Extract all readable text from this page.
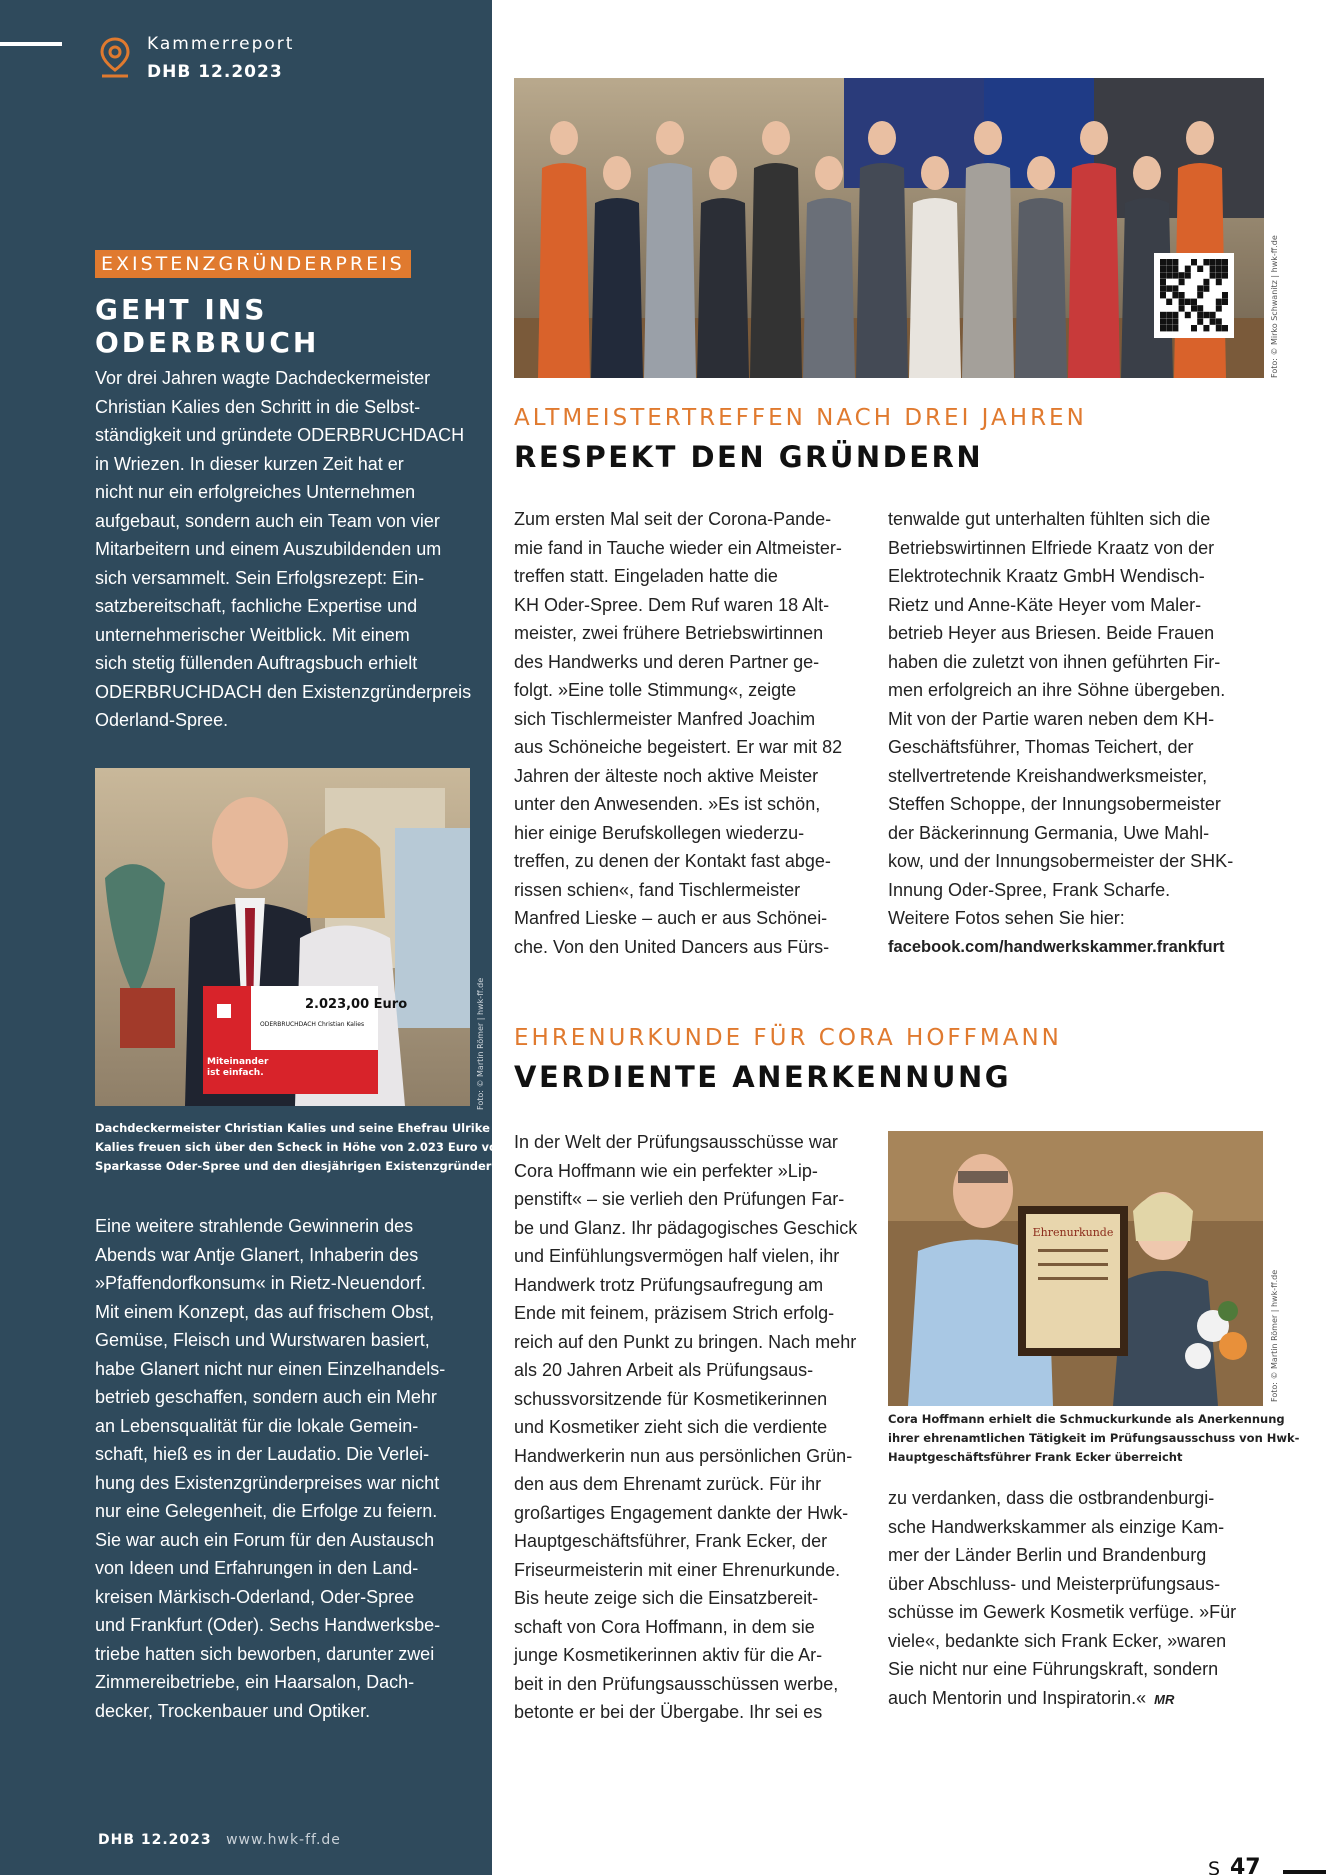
Kammerreport
DHB 12.2023
EXISTENZGRÜNDERPREIS
GEHT INS ODERBRUCH
Vor drei Jahren wagte Dachdeckermeister
Christian Kalies den Schritt in die Selbst-
ständigkeit und gründete ODERBRUCHDACH
in Wriezen. In dieser kurzen Zeit hat er
nicht nur ein erfolgreiches Unternehmen
aufgebaut, sondern auch ein Team von vier
Mitarbeitern und einem Auszubildenden um
sich versammelt. Sein Erfolgsrezept: Ein-
satzbereitschaft, fachliche Expertise und
unternehmerischer Weitblick. Mit einem
sich stetig füllenden Auftragsbuch erhielt
ODERBRUCHDACH den Existenzgründerpreis
Oderland-Spree.
2.023,00 Euro
ODERBRUCHDACH Christian Kalies
Miteinander
ist einfach.	Foto: © Martin Römer | hwk-ff.de
Dachdeckermeister Christian Kalies und seine Ehefrau Ulrike
Kalies freuen sich über den Scheck in Höhe von 2.023 Euro von der
Sparkasse Oder-Spree und den diesjährigen Existenzgründerpreis
Eine weitere strahlende Gewinnerin des
Abends war Antje Glanert, Inhaberin des
»Pfaffendorfkonsum« in Rietz-Neuendorf.
Mit einem Konzept, das auf frischem Obst,
Gemüse, Fleisch und Wurstwaren basiert,
habe Glanert nicht nur einen Einzelhandels-
betrieb geschaffen, sondern auch ein Mehr
an Lebensqualität für die lokale Gemein-
schaft, hieß es in der Laudatio. Die Verlei-
hung des Existenzgründerpreises war nicht
nur eine Gelegenheit, die Erfolge zu feiern.
Sie war auch ein Forum für den Austausch
von Ideen und Erfahrungen in den Land-
kreisen Märkisch-Oderland, Oder-Spree
und Frankfurt (Oder). Sechs Handwerksbe-
triebe hatten sich beworben, darunter zwei
Zimmereibetriebe, ein Haarsalon, Dach-
decker, Trockenbauer und Optiker.
DHB 12.2023 www.hwk-ff.de
Foto: © Mirko Schwanitz | hwk-ff.de
ALTMEISTERTREFFEN NACH DREI JAHREN
RESPEKT DEN GRÜNDERN
Zum ersten Mal seit der Corona-Pande-
mie fand in Tauche wieder ein Altmeister-
treffen statt. Eingeladen hatte die
KH Oder-Spree. Dem Ruf waren 18 Alt-
meister, zwei frühere Betriebswirtinnen
des Handwerks und deren Partner ge-
folgt. »Eine tolle Stimmung«, zeigte
sich Tischlermeister Manfred Joachim
aus Schöneiche begeistert. Er war mit 82
Jahren der älteste noch aktive Meister
unter den Anwesenden. »Es ist schön,
hier einige Berufskollegen wiederzu-
treffen, zu denen der Kontakt fast abge-
rissen schien«, fand Tischlermeister
Manfred Lieske – auch er aus Schönei-
che. Von den United Dancers aus Fürs-
tenwalde gut unterhalten fühlten sich die
Betriebswirtinnen Elfriede Kraatz von der
Elektrotechnik Kraatz GmbH Wendisch-
Rietz und Anne-Käte Heyer vom Maler-
betrieb Heyer aus Briesen. Beide Frauen
haben die zuletzt von ihnen geführten Fir-
men erfolgreich an ihre Söhne übergeben.
Mit von der Partie waren neben dem KH-
Geschäftsführer, Thomas Teichert, der
stellvertretende Kreishandwerksmeister,
Steffen Schoppe, der Innungsobermeister
der Bäckerinnung Germania, Uwe Mahl-
kow, und der Innungsobermeister der SHK-
Innung Oder-Spree, Frank Scharfe.
Weitere Fotos sehen Sie hier:
facebook.com/handwerkskammer.frankfurt
EHRENURKUNDE FÜR CORA HOFFMANN
VERDIENTE ANERKENNUNG
In der Welt der Prüfungsausschüsse war
Cora Hoffmann wie ein perfekter »Lip-
penstift« – sie verlieh den Prüfungen Far-
be und Glanz. Ihr pädagogisches Geschick
und Einfühlungsvermögen half vielen, ihr
Handwerk trotz Prüfungsaufregung am
Ende mit feinem, präzisem Strich erfolg-
reich auf den Punkt zu bringen. Nach mehr
als 20 Jahren Arbeit als Prüfungsaus-
schussvorsitzende für Kosmetikerinnen
und Kosmetiker zieht sich die verdiente
Handwerkerin nun aus persönlichen Grün-
den aus dem Ehrenamt zurück. Für ihr
großartiges Engagement dankte der Hwk-
Hauptgeschäftsführer, Frank Ecker, der
Friseurmeisterin mit einer Ehrenurkunde.
Bis heute zeige sich die Einsatzbereit-
schaft von Cora Hoffmann, in dem sie
junge Kosmetikerinnen aktiv für die Ar-
beit in den Prüfungsausschüssen werbe,
betonte er bei der Übergabe. Ihr sei es
Ehrenurkunde
Foto: © Martin Römer | hwk-ff.de
Cora Hoffmann erhielt die Schmuckurkunde als Anerkennung
ihrer ehrenamtlichen Tätigkeit im Prüfungsausschuss von Hwk-
Hauptgeschäftsführer Frank Ecker überreicht
zu verdanken, dass die ostbrandenburgi-
sche Handwerkskammer als einzige Kam-
mer der Länder Berlin und Brandenburg
über Abschluss- und Meisterprüfungsaus-
schüsse im Gewerk Kosmetik verfüge. »Für
viele«, bedankte sich Frank Ecker, »waren
Sie nicht nur eine Führungskraft, sondern
auch Mentorin und Inspiratorin.« MR
S 47
